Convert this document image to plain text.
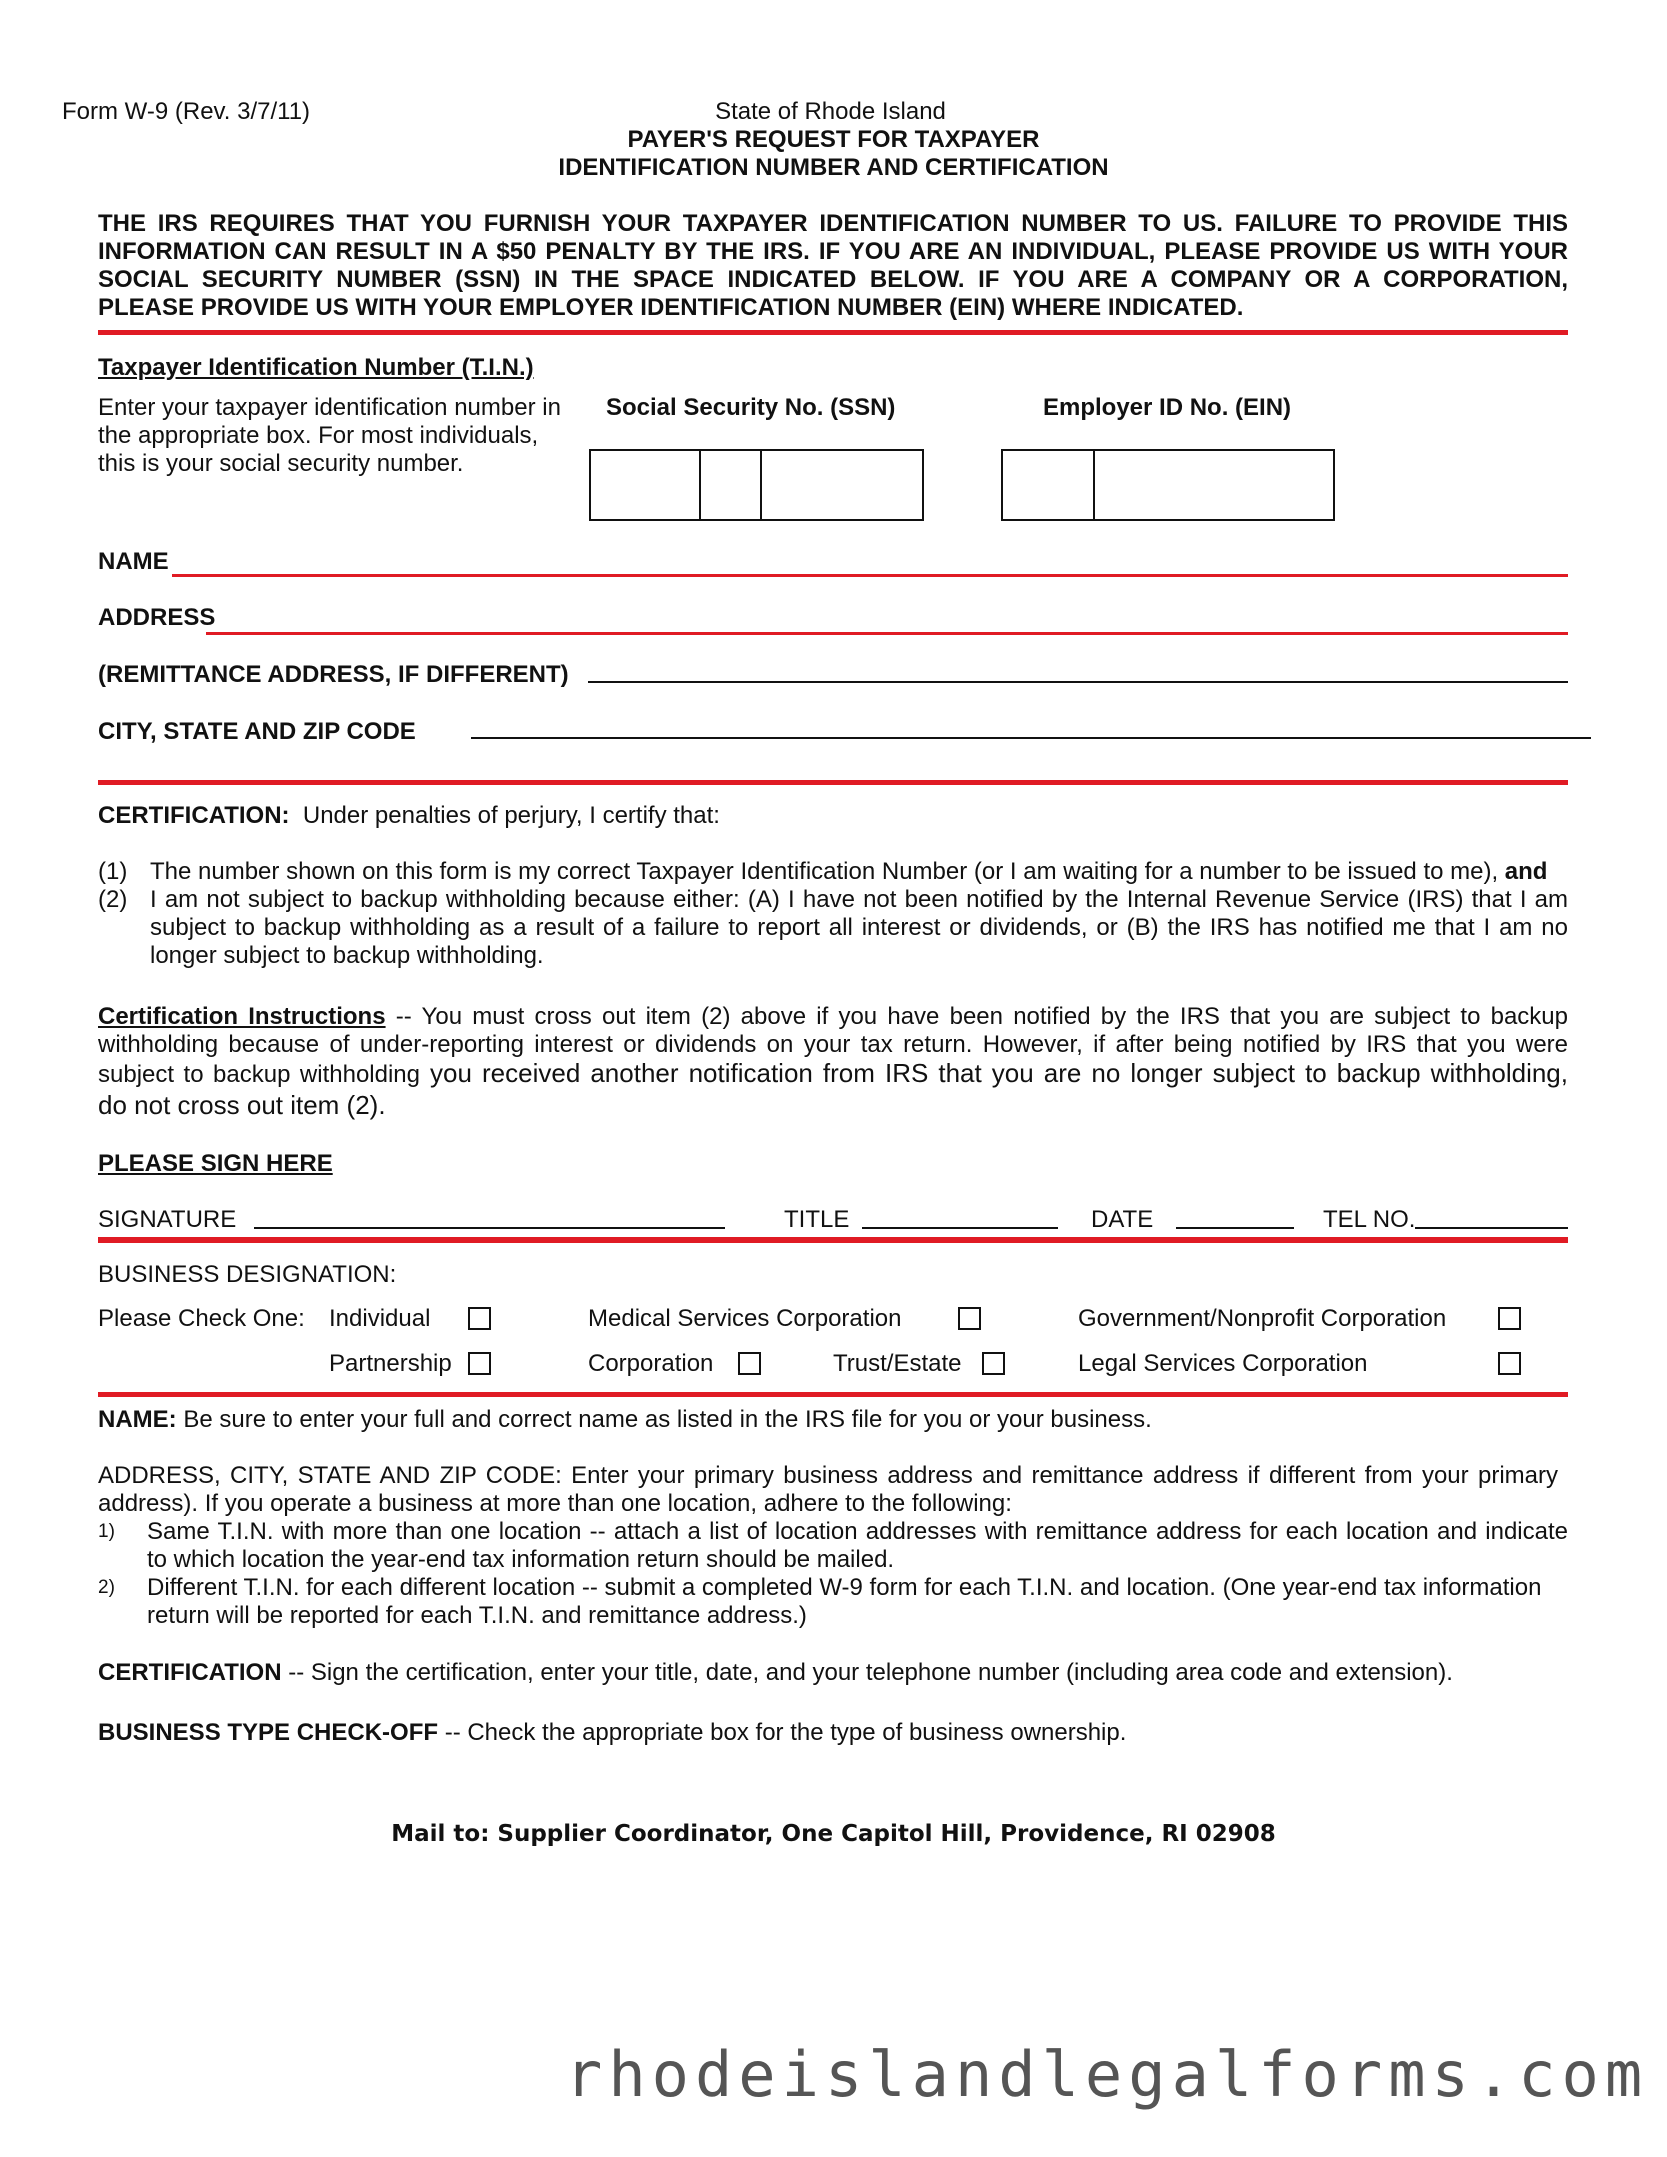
Form W-9 (Rev. 3/7/11)	State of Rhode Island
PAYER'S REQUEST FOR TAXPAYER
IDENTIFICATION NUMBER AND CERTIFICATION
THE IRS REQUIRES THAT YOU FURNISH YOUR TAXPAYER IDENTIFICATION NUMBER TO US. FAILURE TO PROVIDE THIS
INFORMATION CAN RESULT IN A $50 PENALTY BY THE IRS. IF YOU ARE AN INDIVIDUAL, PLEASE PROVIDE US WITH YOUR
SOCIAL SECURITY NUMBER (SSN) IN THE SPACE INDICATED BELOW. IF YOU ARE A COMPANY OR A CORPORATION,
PLEASE PROVIDE US WITH YOUR EMPLOYER IDENTIFICATION NUMBER (EIN) WHERE INDICATED.
Taxpayer Identification Number (T.I.N.)
Enter your taxpayer identification number in
the appropriate box. For most individuals,
this is your social security number.
Social Security No. (SSN)	Employer ID No. (EIN)
NAME
ADDRESS
(REMITTANCE ADDRESS, IF DIFFERENT)
CITY, STATE AND ZIP CODE
CERTIFICATION: Under penalties of perjury, I certify that:
(1) The number shown on this form is my correct Taxpayer Identification Number (or I am waiting for a number to be issued to me), and
(2) I am not subject to backup withholding because either: (A) I have not been notified by the Internal Revenue Service (IRS) that I am
subject to backup withholding as a result of a failure to report all interest or dividends, or (B) the IRS has notified me that I am no
longer subject to backup withholding.
Certification Instructions -- You must cross out item (2) above if you have been notified by the IRS that you are subject to backup
withholding because of under-reporting interest or dividends on your tax return. However, if after being notified by IRS that you were
subject to backup withholding you received another notification from IRS that you are no longer subject to backup withholding,
do not cross out item (2).
PLEASE SIGN HERE
SIGNATURE	TITLE	DATE	TEL NO.
BUSINESS DESIGNATION:
Please Check One: Individual	Medical Services Corporation	Government/Nonprofit Corporation
Partnership	Corporation	Trust/Estate	Legal Services Corporation
NAME: Be sure to enter your full and correct name as listed in the IRS file for you or your business.
ADDRESS, CITY, STATE AND ZIP CODE: Enter your primary business address and remittance address if different from your primary
address). If you operate a business at more than one location, adhere to the following:
1) Same T.I.N. with more than one location -- attach a list of location addresses with remittance address for each location and indicate
to which location the year-end tax information return should be mailed.
2) Different T.I.N. for each different location -- submit a completed W-9 form for each T.I.N. and location. (One year-end tax information
return will be reported for each T.I.N. and remittance address.)
CERTIFICATION -- Sign the certification, enter your title, date, and your telephone number (including area code and extension).
BUSINESS TYPE CHECK-OFF -- Check the appropriate box for the type of business ownership.
Mail to: Supplier Coordinator, One Capitol Hill, Providence, RI 02908
rhodeislandlegalforms.com
